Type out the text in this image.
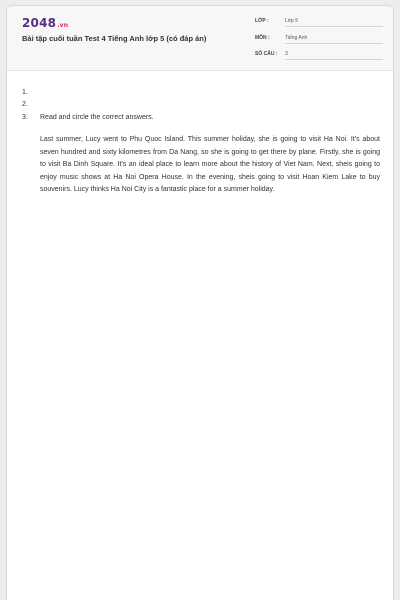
2048.vn
Bài tập cuối tuần Test 4 Tiếng Anh lớp 5 (có đáp án)
LỚP :	Lớp 5
MÔN :	Tiếng Anh
SỐ CÂU : 3
1.
2.
3. Read and circle the correct answers.

Last summer, Lucy went to Phu Quoc Island. This summer holiday, she is going to visit Ha Noi. It's about seven hundred and sixty kilometres from Da Nang, so she is going to get there by plane. Firstly, she is going to visit Ba Dinh Square. It's an ideal place to learn more about the history of Viet Nam. Next, sheis going to enjoy music shows at Ha Noi Opera House. In the evening, sheis going to visit Hoan Kiem Lake to buy souvenirs. Lucy thinks Ha Noi City is a fantastic place for a summer holiday.
